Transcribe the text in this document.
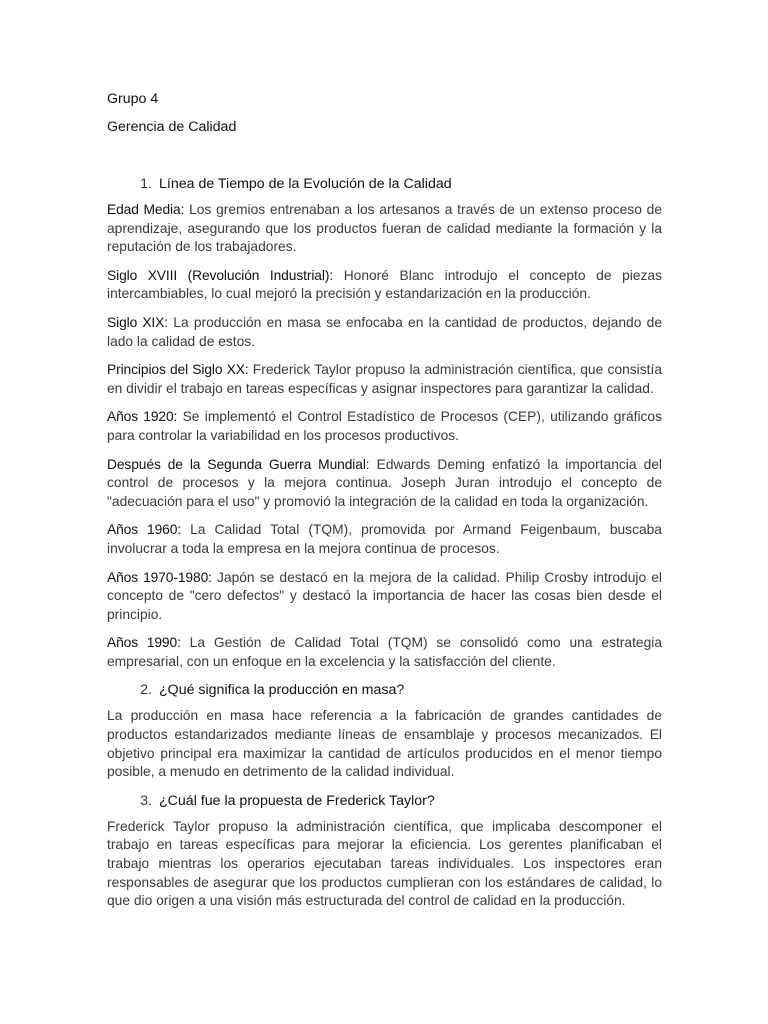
Grupo 4

Gerencia de Calidad

1. Línea de Tiempo de la Evolución de la Calidad

Edad Media: Los gremios entrenaban a los artesanos a través de un extenso proceso de aprendizaje, asegurando que los productos fueran de calidad mediante la formación y la reputación de los trabajadores.

Siglo XVIII (Revolución Industrial): Honoré Blanc introdujo el concepto de piezas intercambiables, lo cual mejoró la precisión y estandarización en la producción.

Siglo XIX: La producción en masa se enfocaba en la cantidad de productos, dejando de lado la calidad de estos.

Principios del Siglo XX: Frederick Taylor propuso la administración científica, que consistía en dividir el trabajo en tareas específicas y asignar inspectores para garantizar la calidad.

Años 1920: Se implementó el Control Estadístico de Procesos (CEP), utilizando gráficos para controlar la variabilidad en los procesos productivos.

Después de la Segunda Guerra Mundial: Edwards Deming enfatizó la importancia del control de procesos y la mejora continua. Joseph Juran introdujo el concepto de "adecuación para el uso" y promovió la integración de la calidad en toda la organización.

Años 1960: La Calidad Total (TQM), promovida por Armand Feigenbaum, buscaba involucrar a toda la empresa en la mejora continua de procesos.

Años 1970-1980: Japón se destacó en la mejora de la calidad. Philip Crosby introdujo el concepto de "cero defectos" y destacó la importancia de hacer las cosas bien desde el principio.

Años 1990: La Gestión de Calidad Total (TQM) se consolidó como una estrategia empresarial, con un enfoque en la excelencia y la satisfacción del cliente.

2. ¿Qué significa la producción en masa?

La producción en masa hace referencia a la fabricación de grandes cantidades de productos estandarizados mediante líneas de ensamblaje y procesos mecanizados. El objetivo principal era maximizar la cantidad de artículos producidos en el menor tiempo posible, a menudo en detrimento de la calidad individual.

3. ¿Cuál fue la propuesta de Frederick Taylor?

Frederick Taylor propuso la administración científica, que implicaba descomponer el trabajo en tareas específicas para mejorar la eficiencia. Los gerentes planificaban el trabajo mientras los operarios ejecutaban tareas individuales. Los inspectores eran responsables de asegurar que los productos cumplieran con los estándares de calidad, lo que dio origen a una visión más estructurada del control de calidad en la producción.
